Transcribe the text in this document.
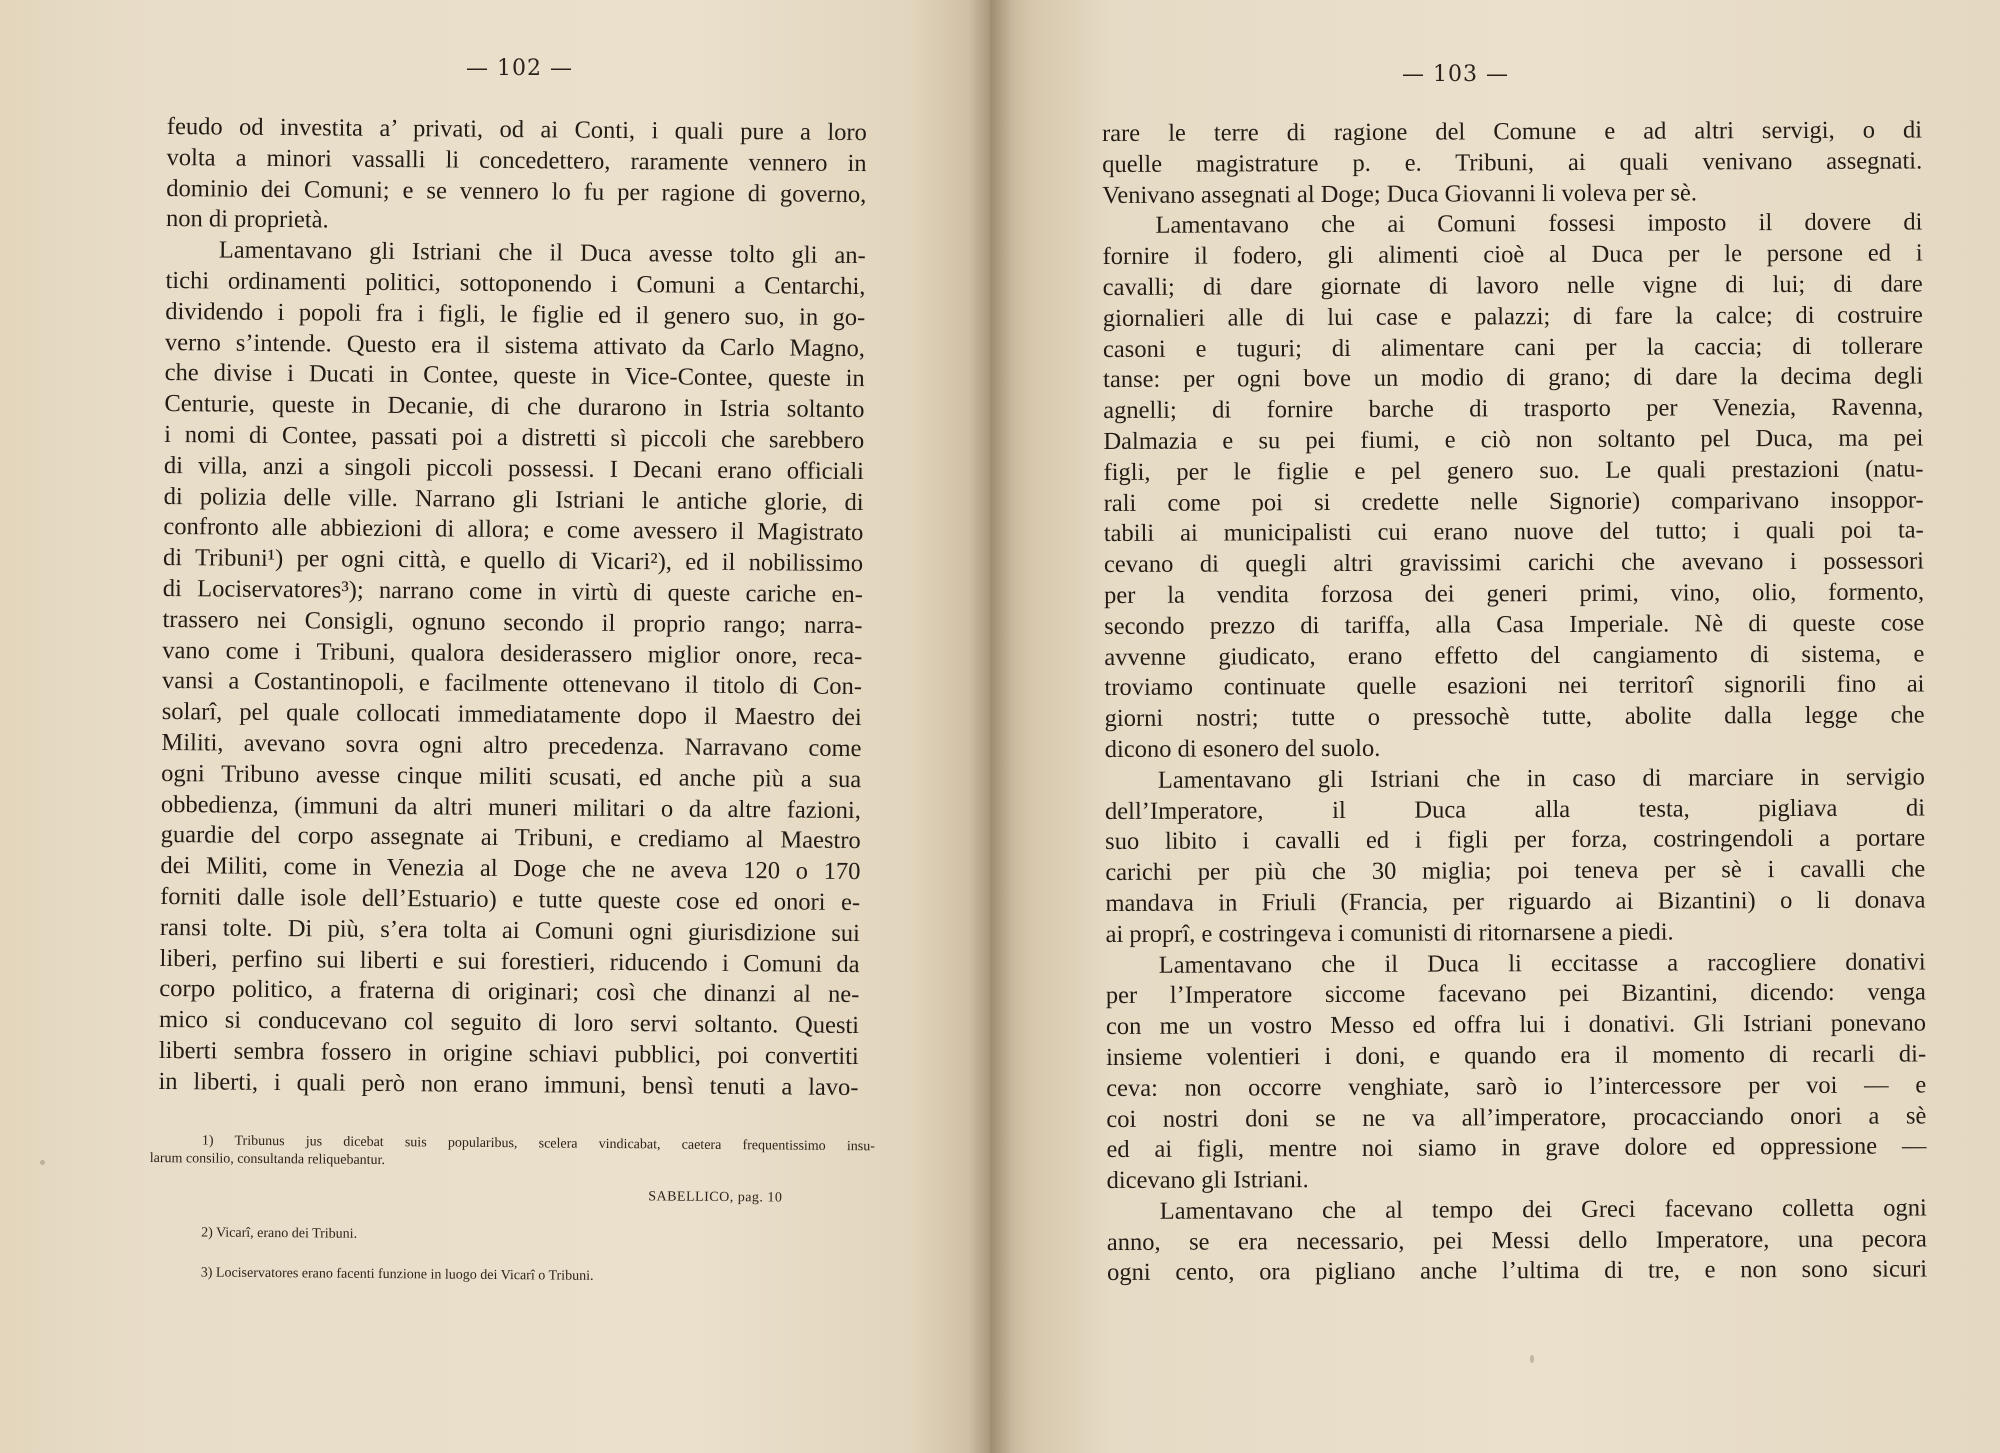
— 102 —
feudo od investita a’ privati, od ai Conti, i quali pure a loro
volta a minori vassalli li concedettero, raramente vennero in
dominio dei Comuni; e se vennero lo fu per ragione di governo,
non di proprietà.
Lamentavano gli Istriani che il Duca avesse tolto gli an-
tichi ordinamenti politici, sottoponendo i Comuni a Centarchi,
dividendo i popoli fra i figli, le figlie ed il genero suo, in go-
verno s’intende. Questo era il sistema attivato da Carlo Magno,
che divise i Ducati in Contee, queste in Vice-Contee, queste in
Centurie, queste in Decanie, di che durarono in Istria soltanto
i nomi di Contee, passati poi a distretti sì piccoli che sarebbero
di villa, anzi a singoli piccoli possessi. I Decani erano officiali
di polizia delle ville. Narrano gli Istriani le antiche glorie, di
confronto alle abbiezioni di allora; e come avessero il Magistrato
di Tribuni¹) per ogni città, e quello di Vicari²), ed il nobilissimo
di Lociservatores³); narrano come in virtù di queste cariche en-
trassero nei Consigli, ognuno secondo il proprio rango; narra-
vano come i Tribuni, qualora desiderassero miglior onore, reca-
vansi a Costantinopoli, e facilmente ottenevano il titolo di Con-
solarî, pel quale collocati immediatamente dopo il Maestro dei
Militi, avevano sovra ogni altro precedenza. Narravano come
ogni Tribuno avesse cinque militi scusati, ed anche più a sua
obbedienza, (immuni da altri muneri militari o da altre fazioni,
guardie del corpo assegnate ai Tribuni, e crediamo al Maestro
dei Militi, come in Venezia al Doge che ne aveva 120 o 170
forniti dalle isole dell’Estuario) e tutte queste cose ed onori e-
ransi tolte. Di più, s’era tolta ai Comuni ogni giurisdizione sui
liberi, perfino sui liberti e sui forestieri, riducendo i Comuni da
corpo politico, a fraterna di originari; così che dinanzi al ne-
mico si conducevano col seguito di loro servi soltanto. Questi
liberti sembra fossero in origine schiavi pubblici, poi convertiti
in liberti, i quali però non erano immuni, bensì tenuti a lavo-
1) Tribunus jus dicebat suis popularibus, scelera vindicabat, caetera frequentissimo insu-
larum consilio, consultanda reliquebantur.
SABELLICO, pag. 10
2) Vicarî, erano dei Tribuni.
3) Lociservatores erano facenti funzione in luogo dei Vicarî o Tribuni.
— 103 —
rare le terre di ragione del Comune e ad altri servigi, o di
quelle magistrature p. e. Tribuni, ai quali venivano assegnati.
Venivano assegnati al Doge; Duca Giovanni li voleva per sè.
Lamentavano che ai Comuni fossesi imposto il dovere di
fornire il fodero, gli alimenti cioè al Duca per le persone ed i
cavalli; di dare giornate di lavoro nelle vigne di lui; di dare
giornalieri alle di lui case e palazzi; di fare la calce; di costruire
casoni e tuguri; di alimentare cani per la caccia; di tollerare
tanse: per ogni bove un modio di grano; di dare la decima degli
agnelli; di fornire barche di trasporto per Venezia, Ravenna,
Dalmazia e su pei fiumi, e ciò non soltanto pel Duca, ma pei
figli, per le figlie e pel genero suo. Le quali prestazioni (natu-
rali come poi si credette nelle Signorie) comparivano insoppor-
tabili ai municipalisti cui erano nuove del tutto; i quali poi ta-
cevano di quegli altri gravissimi carichi che avevano i possessori
per la vendita forzosa dei generi primi, vino, olio, formento,
secondo prezzo di tariffa, alla Casa Imperiale. Nè di queste cose
avvenne giudicato, erano effetto del cangiamento di sistema, e
troviamo continuate quelle esazioni nei territorî signorili fino ai
giorni nostri; tutte o pressochè tutte, abolite dalla legge che
dicono di esonero del suolo.
Lamentavano gli Istriani che in caso di marciare in servigio
dell’Imperatore, il Duca alla testa, pigliava di
suo libito i cavalli ed i figli per forza, costringendoli a portare
carichi per più che 30 miglia; poi teneva per sè i cavalli che
mandava in Friuli (Francia, per riguardo ai Bizantini) o li donava
ai proprî, e costringeva i comunisti di ritornarsene a piedi.
Lamentavano che il Duca li eccitasse a raccogliere donativi
per l’Imperatore siccome facevano pei Bizantini, dicendo: venga
con me un vostro Messo ed offra lui i donativi. Gli Istriani ponevano
insieme volentieri i doni, e quando era il momento di recarli di-
ceva: non occorre venghiate, sarò io l’intercessore per voi — e
coi nostri doni se ne va all’imperatore, procacciando onori a sè
ed ai figli, mentre noi siamo in grave dolore ed oppressione —
dicevano gli Istriani.
Lamentavano che al tempo dei Greci facevano colletta ogni
anno, se era necessario, pei Messi dello Imperatore, una pecora
ogni cento, ora pigliano anche l’ultima di tre, e non sono sicuri
